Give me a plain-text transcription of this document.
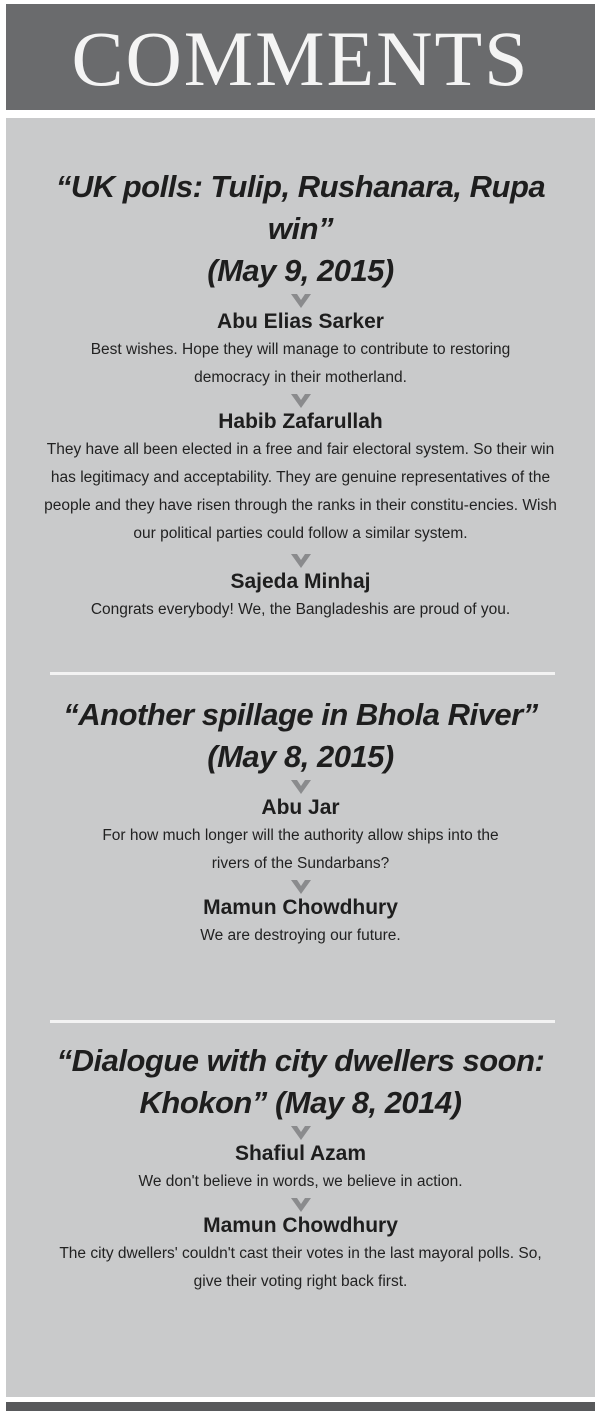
COMMENTS
“UK polls: Tulip, Rushanara, Rupa win”
(May 9, 2015)
Abu Elias Sarker
Best wishes. Hope they will manage to contribute to restoring democracy in their motherland.
Habib Zafarullah
They have all been elected in a free and fair electoral system. So their win has legitimacy and acceptability. They are genuine representatives of the people and they have risen through the ranks in their constitu-encies. Wish our political parties could follow a similar system.
Sajeda Minhaj
Congrats everybody! We, the Bangladeshis are proud of you.
“Another spillage in Bhola River”
(May 8, 2015)
Abu Jar
For how much longer will the authority allow ships into the rivers of the Sundarbans?
Mamun Chowdhury
We are destroying our future.
“Dialogue with city dwellers soon:
Khokon” (May 8, 2014)
Shafiul Azam
We don't believe in words, we believe in action.
Mamun Chowdhury
The city dwellers' couldn't cast their votes in the last mayoral polls. So, give their voting right back first.
